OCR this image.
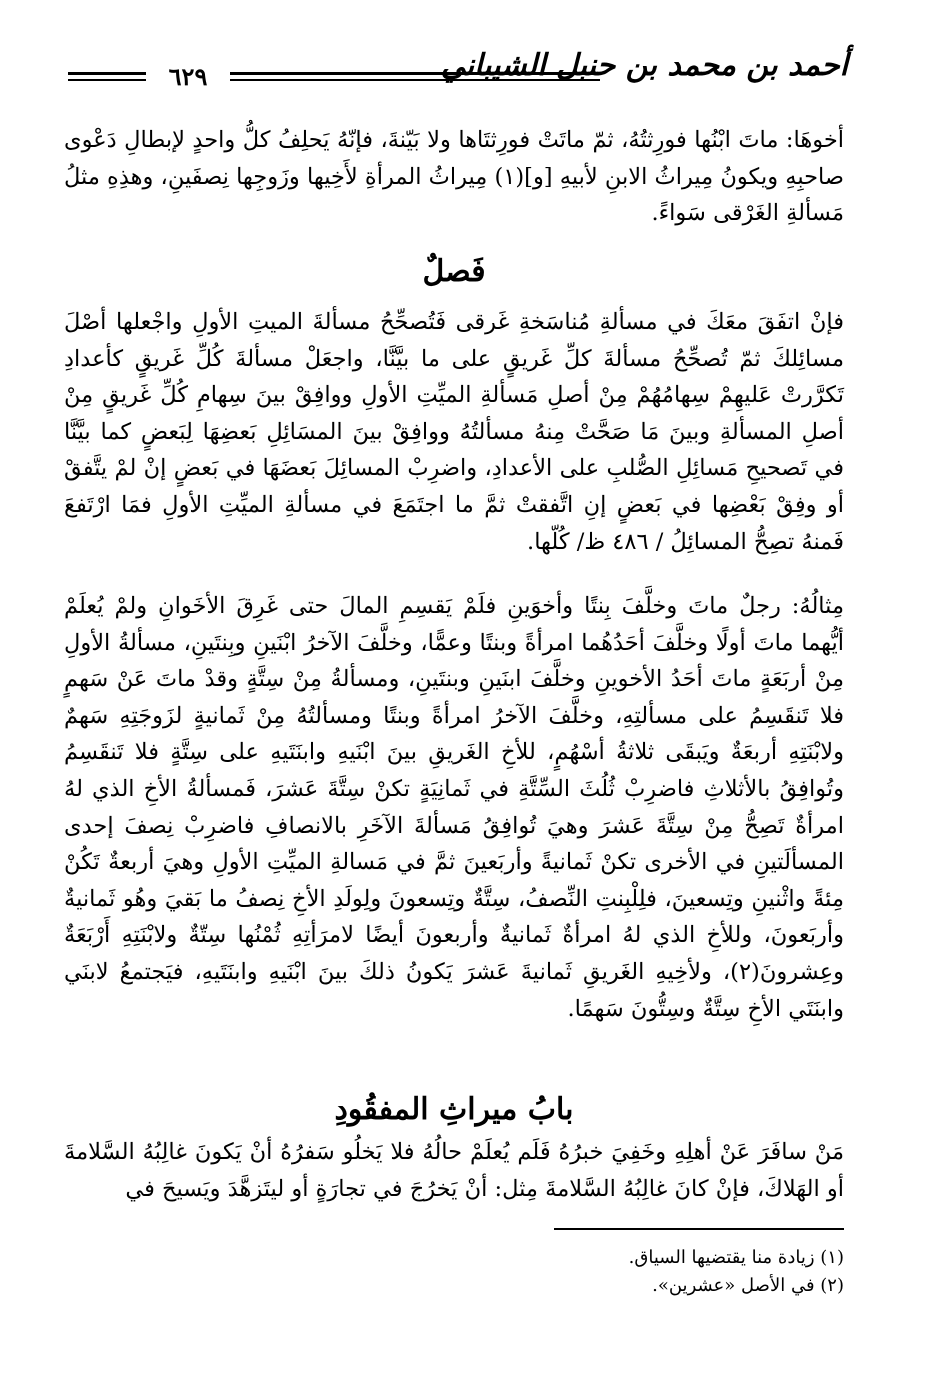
أحمد بن محمد بن حنبل الشيباني
٦٢٩

أخوهَا: ماتَ ابْنُها فورِثتُهُ، ثمّ ماتَتْ فورِثتَاها ولا بَيّنةَ، فإنّهُ يَحلِفُ كلُّ واحدٍ لإبطالِ دَعْوى صاحبِهِ ويكونُ مِيراثُ الابنِ لأبيهِ [و](١) مِيراثُ المرأةِ لأَخِيها وزَوجِها نِصفَينِ، وهذِهِ مثلُ مَسألةِ الغَرْقى سَواءً.

فَصلٌ

فإنْ اتفَقَ معَكَ في مسألةِ مُناسَخةِ غَرقى فَتُصحِّحُ مسألةَ الميتِ الأولِ واجْعلها أصْلَ مسائِلكَ ثمّ تُصحِّحُ مسألةَ كلِّ غَريقٍ على ما بيَّنَّا، واجعَلْ مسألةَ كُلِّ غَريقٍ كأعدادِ تَكرَّرتْ عَليهِمْ سِهامُهُمْ مِنْ أصلِ مَسألةِ الميِّتِ الأولِ ووافِقْ بينَ سِهامِ كُلِّ غَريقٍ مِنْ أصلِ المسألةِ وبينَ مَا صَحَّتْ مِنهُ مسألتُهُ ووافِقْ بينَ المسَائِلِ بَعضِهَا لِبَعضٍ كما بيَّنَّا في تَصحيحِ مَسائِلِ الصُّلبِ على الأعدادِ، واضرِبْ المسائِلَ بَعضَهَا في بَعضٍ إنْ لمْ يتَّفقْ أو وفِقْ بَعْضِها في بَعضٍ إنِ اتَّفقتْ ثمَّ ما اجتَمَعَ في مسألةِ الميِّتِ الأولِ فمَا ارْتَفعَ فَمنهُ تصِحُّ المسائِلُ / ٤٨٦ ظ/ كُلّها.

مِثالُهُ: رجلٌ ماتَ وخلَّفَ بِنتًا وأخوَينِ فلَمْ يَقسِمِ المالَ حتى غَرِقَ الأخَوانِ ولمْ يُعلَمْ أيُّهما ماتَ أولًا وخلَّفَ أحَدُهُما امرأةً وبنتًا وعمًّا، وخلَّفَ الآخرُ ابْنَينِ وبِنتَينِ، مسألةُ الأولِ مِنْ أربَعَةٍ ماتَ أحَدُ الأخوينِ وخلَّفَ ابنَينِ وبنتَينِ، ومسألةُ مِنْ سِتَّةٍ وقدْ ماتَ عَنْ سَهمٍ فلا تَنقَسِمُ على مسألتِهِ، وخلَّفَ الآخرُ امرأةً وبنتًا ومسألتُهُ مِنْ ثَمانيةٍ لزَوجَتِهِ سَهمٌ ولابْنَتِهِ أربعَةٌ ويَبقَى ثلاثةُ أسْهُمٍ، للأخِ الغَريقِ بينَ ابْنَيهِ وابنَتَيهِ على سِتَّةٍ فلا تَنقَسِمُ وتُوافِقُ بالأثلاثِ فاضرِبْ ثُلُثَ السِّتَّةِ في ثَمانِيَةٍ تكنْ سِتَّةَ عَشرَ، فَمسألةُ الأخِ الذي لهُ امرأةٌ تَصِحُّ مِنْ سِتَّةَ عَشرَ وهيَ تُوافِقُ مَسألةَ الآخَرِ بالانصافِ فاضرِبْ نِصفَ إحدى المسألَتينِ في الأخرى تكنْ ثَمانيةً وأربَعينَ ثمَّ في مَسالةِ الميِّتِ الأولِ وهيَ أربعةٌ تَكُنْ مِئةً واثْنينِ وتِسعينَ، فلِلْبِنتِ النِّصفُ، سِتَّةٌ وتِسعونَ ولِولَدِ الأخِ نِصفُ ما بَقيَ وهُو ثَمانيةٌ وأربَعونَ، وللأخِ الذي لهُ امرأةٌ ثَمانيةٌ وأربعونَ أيضًا لامرَأتِهِ ثُمْنُها سِتّةٌ ولابْنَتِهِ أَرْبَعَةٌ وعِشرونَ(٢)، ولأخِيهِ الغَريقِ ثَمانيةَ عَشرَ يَكونُ ذلكَ بينَ ابْنَيهِ وابنَتَيهِ، فيَجتمعُ لابنَي وابنَتَي الأخِ سِتَّةٌ وسِتُّونَ سَهمًا.

بابُ ميراثِ المفقُودِ

مَنْ سافَرَ عَنْ أهلِهِ وخَفِيَ خبرُهُ فَلَم يُعلَمْ حالُهُ فلا يَخلُو سَفرُهُ أنْ يَكونَ غالِبُهُ السَّلامةَ أو الهَلاكَ، فإنْ كانَ غالِبُهُ السَّلامةَ مِثل: أنْ يَخرُجَ في تجارَةٍ أو ليتَزهَّدَ ويَسيحَ في

(١) زيادة منا يقتضيها السياق.
(٢) في الأصل «عشرين».
